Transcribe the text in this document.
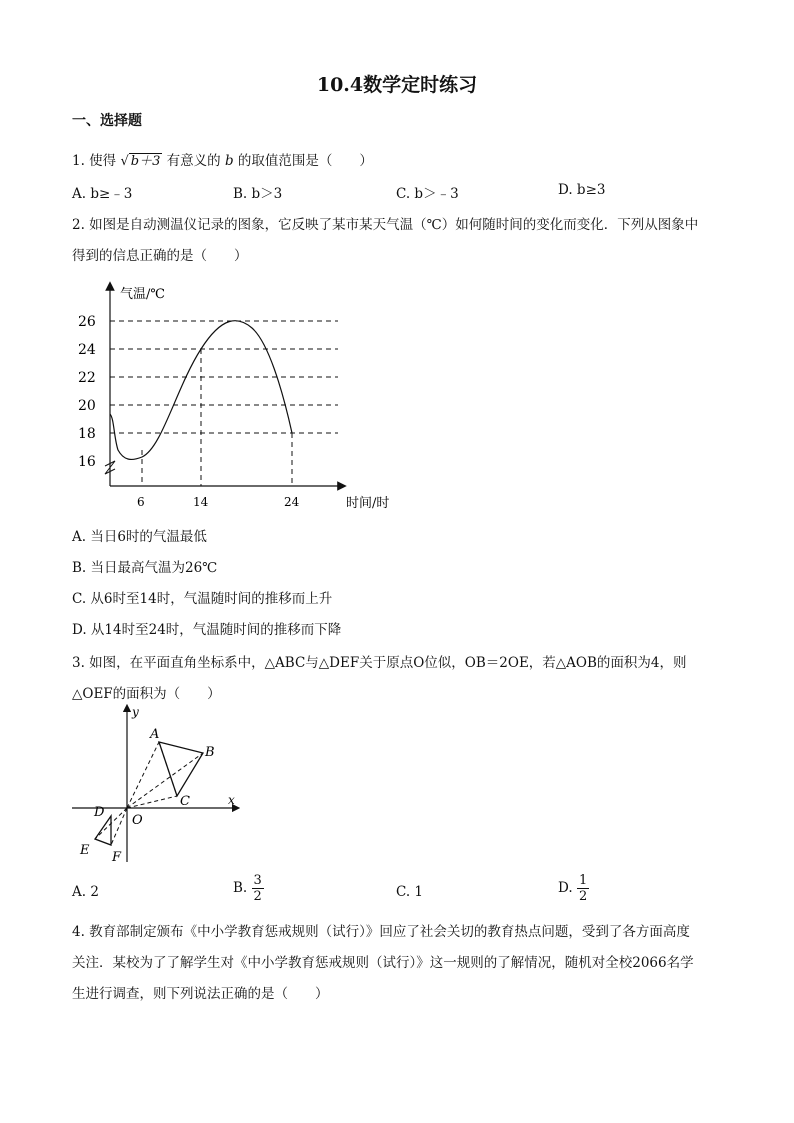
10.4数学定时练习
一、选择题
1. 使得 √ b＋3 有意义的 b 的取值范围是（　　）
A. b≥﹣3	B. b＞3	C. b＞﹣3	D. b≥3
2. 如图是自动测温仪记录的图象，它反映了某市某天气温（℃）如何随时间的变化而变化．下列从图象中
得到的信息正确的是（　　）
气温/℃
26
24
22
20
18
16
6	14	24	时间/时
A. 当日6时的气温最低
B. 当日最高气温为26℃
C. 从6时至14时，气温随时间的推移而上升
D. 从14时至24时，气温随时间的推移而下降
3. 如图，在平面直角坐标系中，△ABC与△DEF关于原点O位似，OB＝2OE，若△AOB的面积为4，则
△OEF的面积为（　　）
y
x
A
B
C
D
E F
O
A. 2	B. $\frac{3}{2}$	C. 1	D. $\frac{1}{2}$
4. 教育部制定颁布《中小学教育惩戒规则（试行）》回应了社会关切的教育热点问题，受到了各方面高度
关注．某校为了了解学生对《中小学教育惩戒规则（试行）》这一规则的了解情况，随机对全校2066名学
生进行调查，则下列说法正确的是（　　）
